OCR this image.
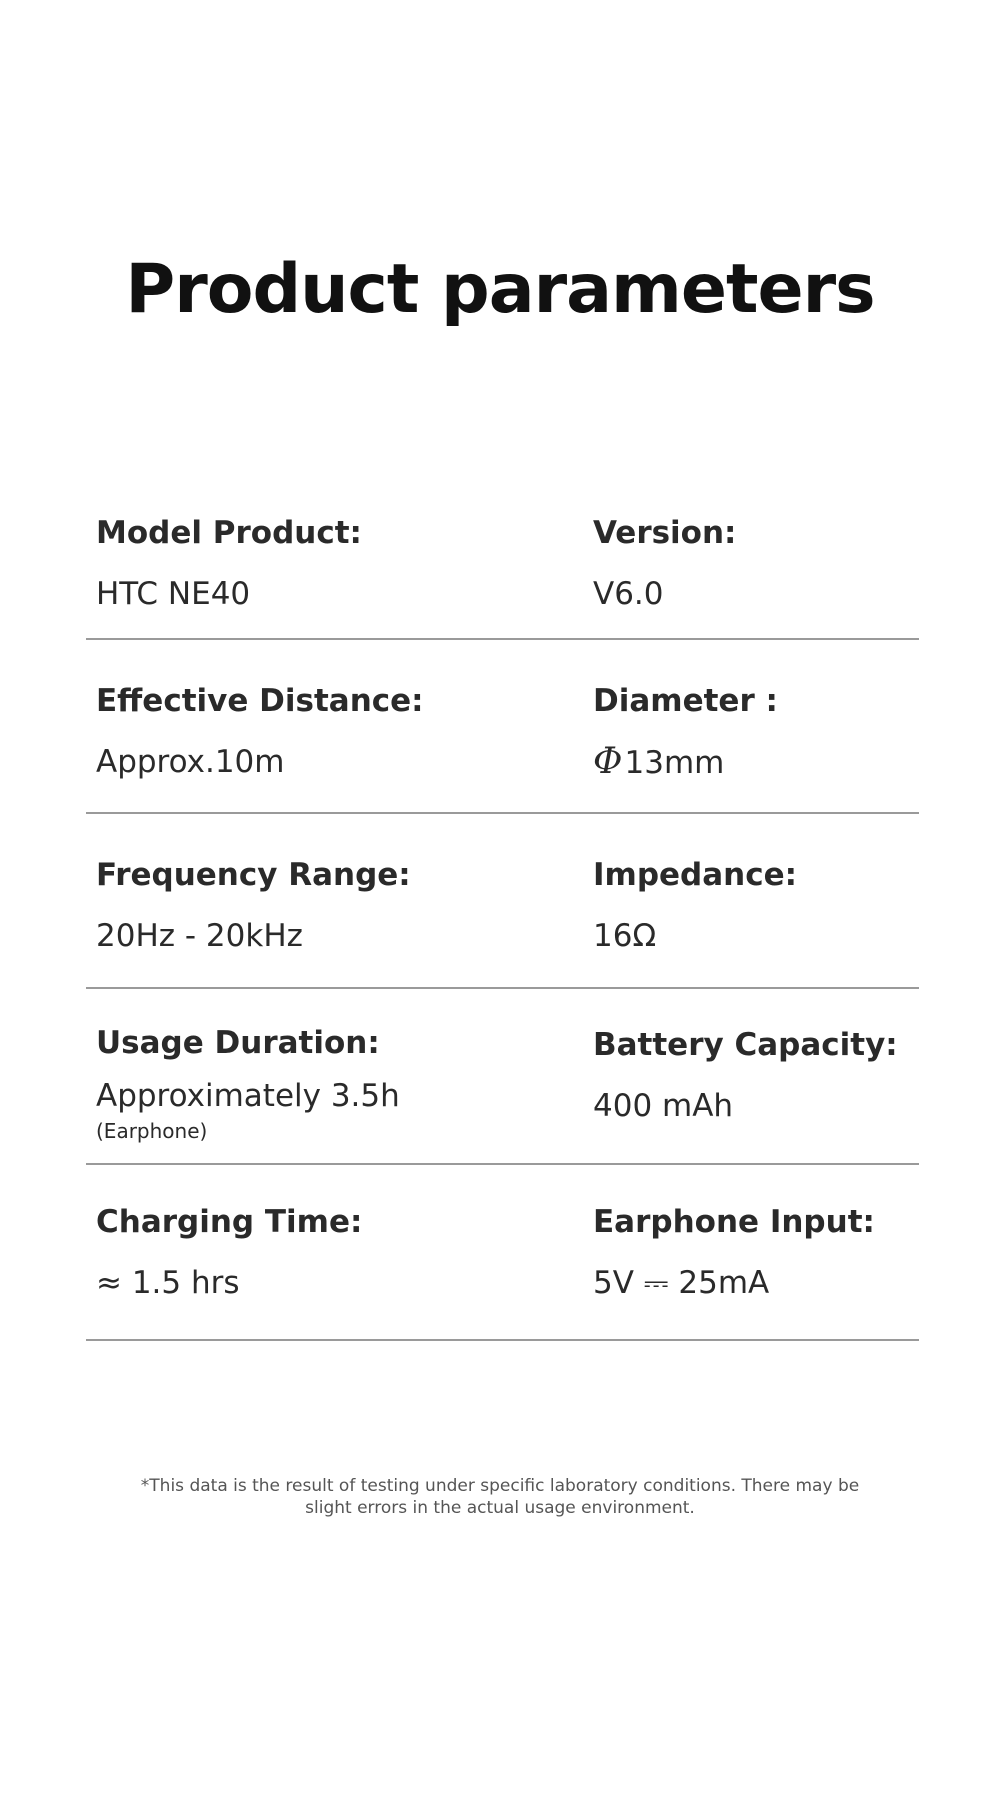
Product parameters
Model Product:
HTC NE40
Version:
V6.0
Effective Distance:
Approx.10m
Diameter :
Φ13mm
Frequency Range:
20Hz - 20kHz
Impedance:
16Ω
Usage Duration:
Approximately 3.5h
(Earphone)
Battery Capacity:
400 mAh
Charging Time:
≈ 1.5 hrs
Earphone Input:
5V ⎓ 25mA
*This data is the result of testing under specific laboratory conditions. There may be
slight errors in the actual usage environment.
